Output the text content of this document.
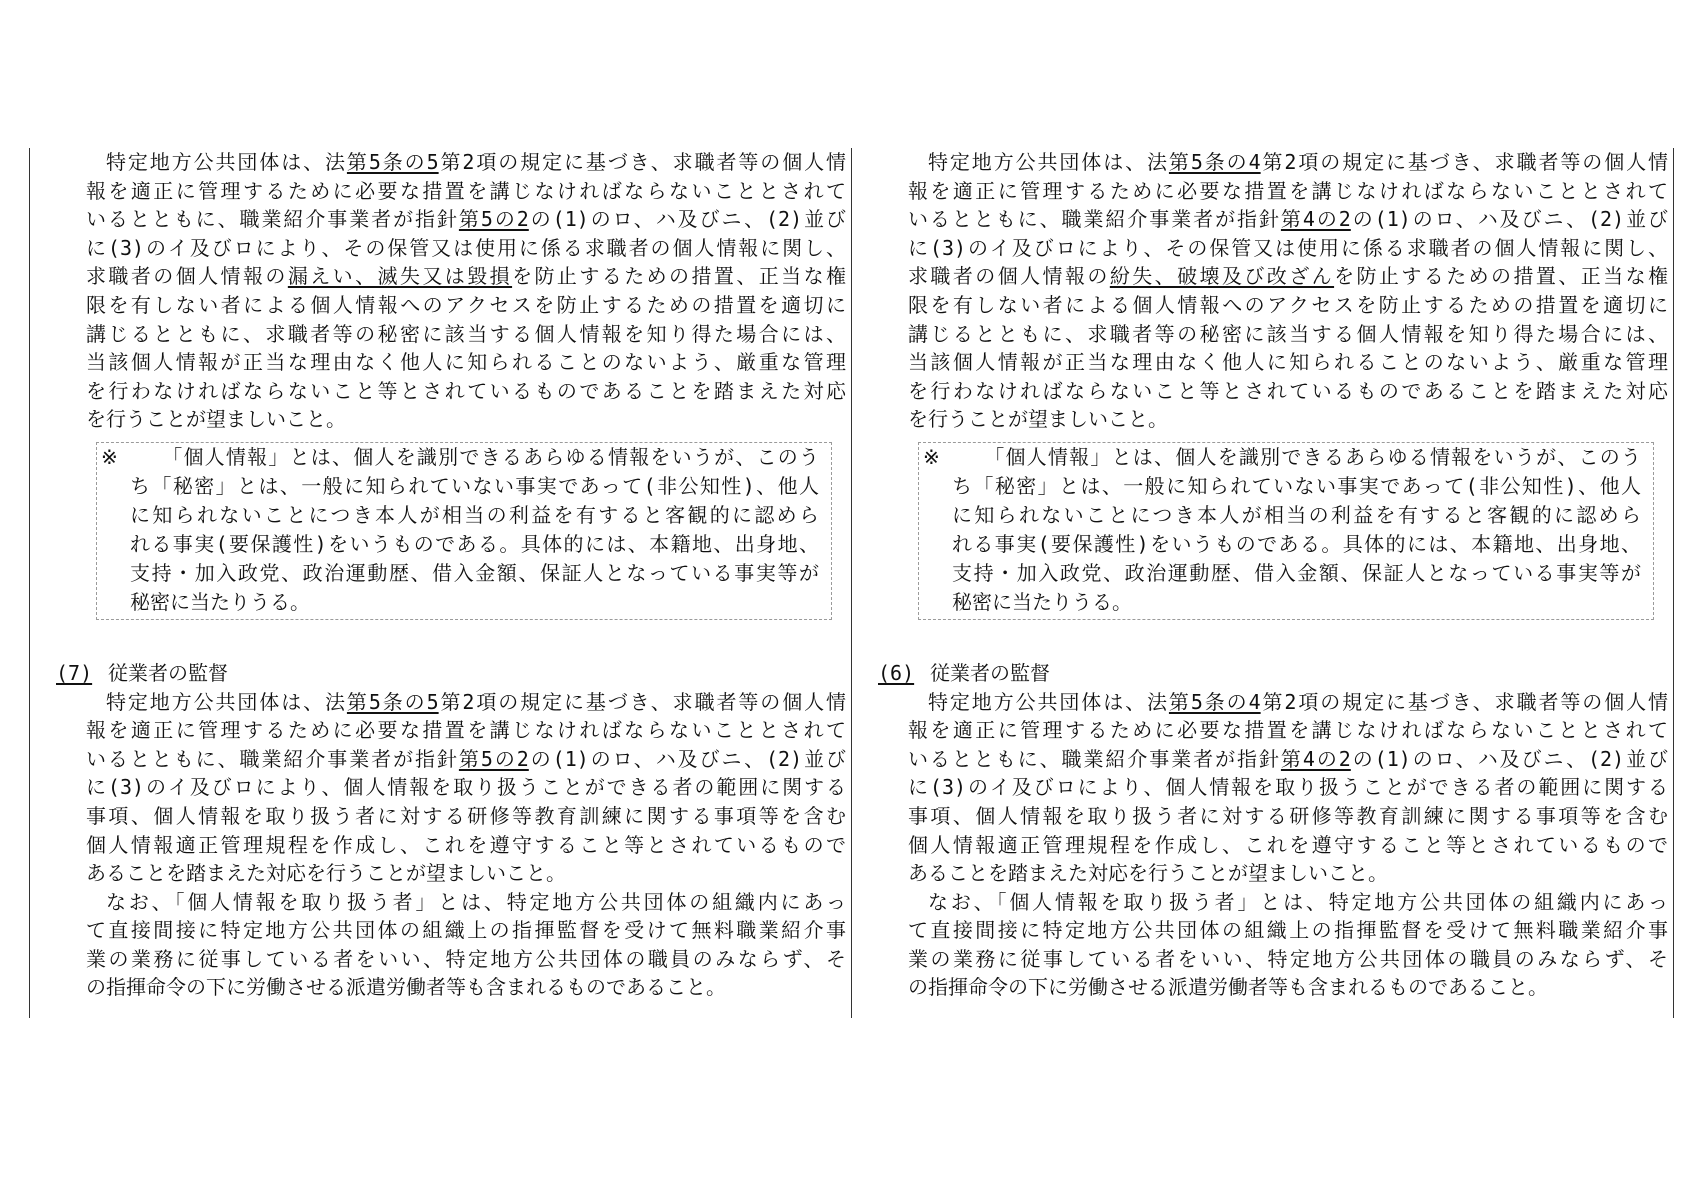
特定地方公共団体は、法第5条の5第2項の規定に基づき、求職者等の個人情
報を適正に管理するために必要な措置を講じなければならないこととされて
いるとともに、職業紹介事業者が指針第5の2の(1)のロ、ハ及びニ、(2)並び
に(3)のイ及びロにより、その保管又は使用に係る求職者の個人情報に関し、
求職者の個人情報の漏えい、滅失又は毀損を防止するための措置、正当な権
限を有しない者による個人情報へのアクセスを防止するための措置を適切に
講じるとともに、求職者等の秘密に該当する個人情報を知り得た場合には、
当該個人情報が正当な理由なく他人に知られることのないよう、厳重な管理
を行わなければならないこと等とされているものであることを踏まえた対応
を行うことが望ましいこと。

※ 「個人情報」とは、個人を識別できるあらゆる情報をいうが、このう
ち「秘密」とは、一般に知られていない事実であって(非公知性)、他人
に知られないことにつき本人が相当の利益を有すると客観的に認めら
れる事実(要保護性)をいうものである。具体的には、本籍地、出身地、
支持・加入政党、政治運動歴、借入金額、保証人となっている事実等が
秘密に当たりうる。
(7) 従業者の監督

特定地方公共団体は、法第5条の5第2項の規定に基づき、求職者等の個人情
報を適正に管理するために必要な措置を講じなければならないこととされて
いるとともに、職業紹介事業者が指針第5の2の(1)のロ、ハ及びニ、(2)並び
に(3)のイ及びロにより、個人情報を取り扱うことができる者の範囲に関する
事項、個人情報を取り扱う者に対する研修等教育訓練に関する事項等を含む
個人情報適正管理規程を作成し、これを遵守すること等とされているもので
あることを踏まえた対応を行うことが望ましいこと。

なお、「個人情報を取り扱う者」とは、特定地方公共団体の組織内にあっ
て直接間接に特定地方公共団体の組織上の指揮監督を受けて無料職業紹介事
業の業務に従事している者をいい、特定地方公共団体の職員のみならず、そ
の指揮命令の下に労働させる派遣労働者等も含まれるものであること。

特定地方公共団体は、法第5条の4第2項の規定に基づき、求職者等の個人情
報を適正に管理するために必要な措置を講じなければならないこととされて
いるとともに、職業紹介事業者が指針第4の2の(1)のロ、ハ及びニ、(2)並び
に(3)のイ及びロにより、その保管又は使用に係る求職者の個人情報に関し、
求職者の個人情報の紛失、破壊及び改ざんを防止するための措置、正当な権
限を有しない者による個人情報へのアクセスを防止するための措置を適切に
講じるとともに、求職者等の秘密に該当する個人情報を知り得た場合には、
当該個人情報が正当な理由なく他人に知られることのないよう、厳重な管理
を行わなければならないこと等とされているものであることを踏まえた対応
を行うことが望ましいこと。

※ 「個人情報」とは、個人を識別できるあらゆる情報をいうが、このう
ち「秘密」とは、一般に知られていない事実であって(非公知性)、他人
に知られないことにつき本人が相当の利益を有すると客観的に認めら
れる事実(要保護性)をいうものである。具体的には、本籍地、出身地、
支持・加入政党、政治運動歴、借入金額、保証人となっている事実等が
秘密に当たりうる。
(6) 従業者の監督

特定地方公共団体は、法第5条の4第2項の規定に基づき、求職者等の個人情
報を適正に管理するために必要な措置を講じなければならないこととされて
いるとともに、職業紹介事業者が指針第4の2の(1)のロ、ハ及びニ、(2)並び
に(3)のイ及びロにより、個人情報を取り扱うことができる者の範囲に関する
事項、個人情報を取り扱う者に対する研修等教育訓練に関する事項等を含む
個人情報適正管理規程を作成し、これを遵守すること等とされているもので
あることを踏まえた対応を行うことが望ましいこと。

なお、「個人情報を取り扱う者」とは、特定地方公共団体の組織内にあっ
て直接間接に特定地方公共団体の組織上の指揮監督を受けて無料職業紹介事
業の業務に従事している者をいい、特定地方公共団体の職員のみならず、そ
の指揮命令の下に労働させる派遣労働者等も含まれるものであること。
